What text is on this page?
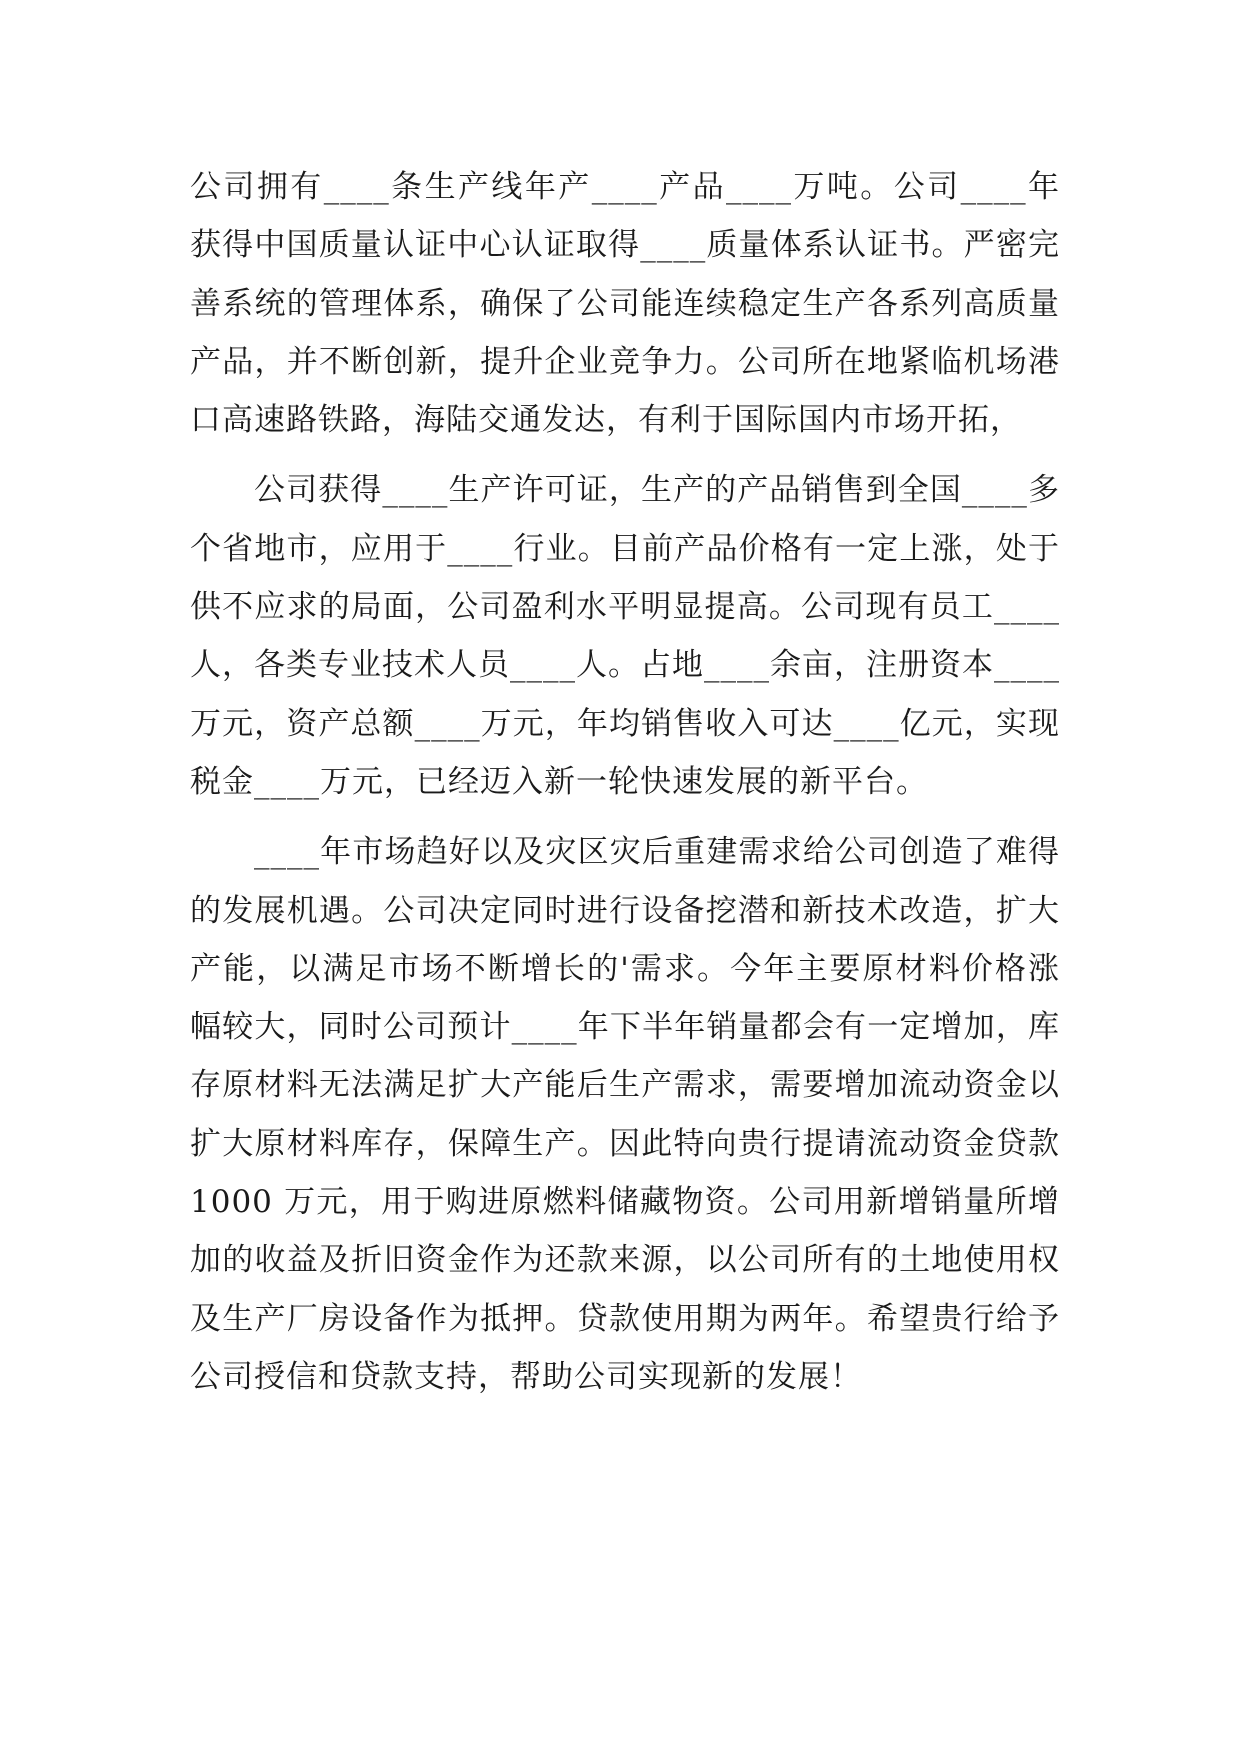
公司拥有____条生产线年产____产品____万吨。公司____年获得中国质量认证中心认证取得____质量体系认证书。严密完善系统的管理体系，确保了公司能连续稳定生产各系列高质量产品，并不断创新，提升企业竞争力。公司所在地紧临机场港口高速路铁路，海陆交通发达，有利于国际国内市场开拓，

公司获得____生产许可证，生产的产品销售到全国____多个省地市，应用于____行业。目前产品价格有一定上涨，处于供不应求的局面，公司盈利水平明显提高。公司现有员工____人，各类专业技术人员____人。占地____余亩，注册资本____万元，资产总额____万元，年均销售收入可达____亿元，实现税金____万元，已经迈入新一轮快速发展的新平台。

____年市场趋好以及灾区灾后重建需求给公司创造了难得的发展机遇。公司决定同时进行设备挖潜和新技术改造，扩大产能，以满足市场不断增长的'需求。今年主要原材料价格涨幅较大，同时公司预计____年下半年销量都会有一定增加，库存原材料无法满足扩大产能后生产需求，需要增加流动资金以扩大原材料库存，保障生产。因此特向贵行提请流动资金贷款 1000 万元，用于购进原燃料储藏物资。公司用新增销量所增加的收益及折旧资金作为还款来源，以公司所有的土地使用权及生产厂房设备作为抵押。贷款使用期为两年。希望贵行给予公司授信和贷款支持，帮助公司实现新的发展！
